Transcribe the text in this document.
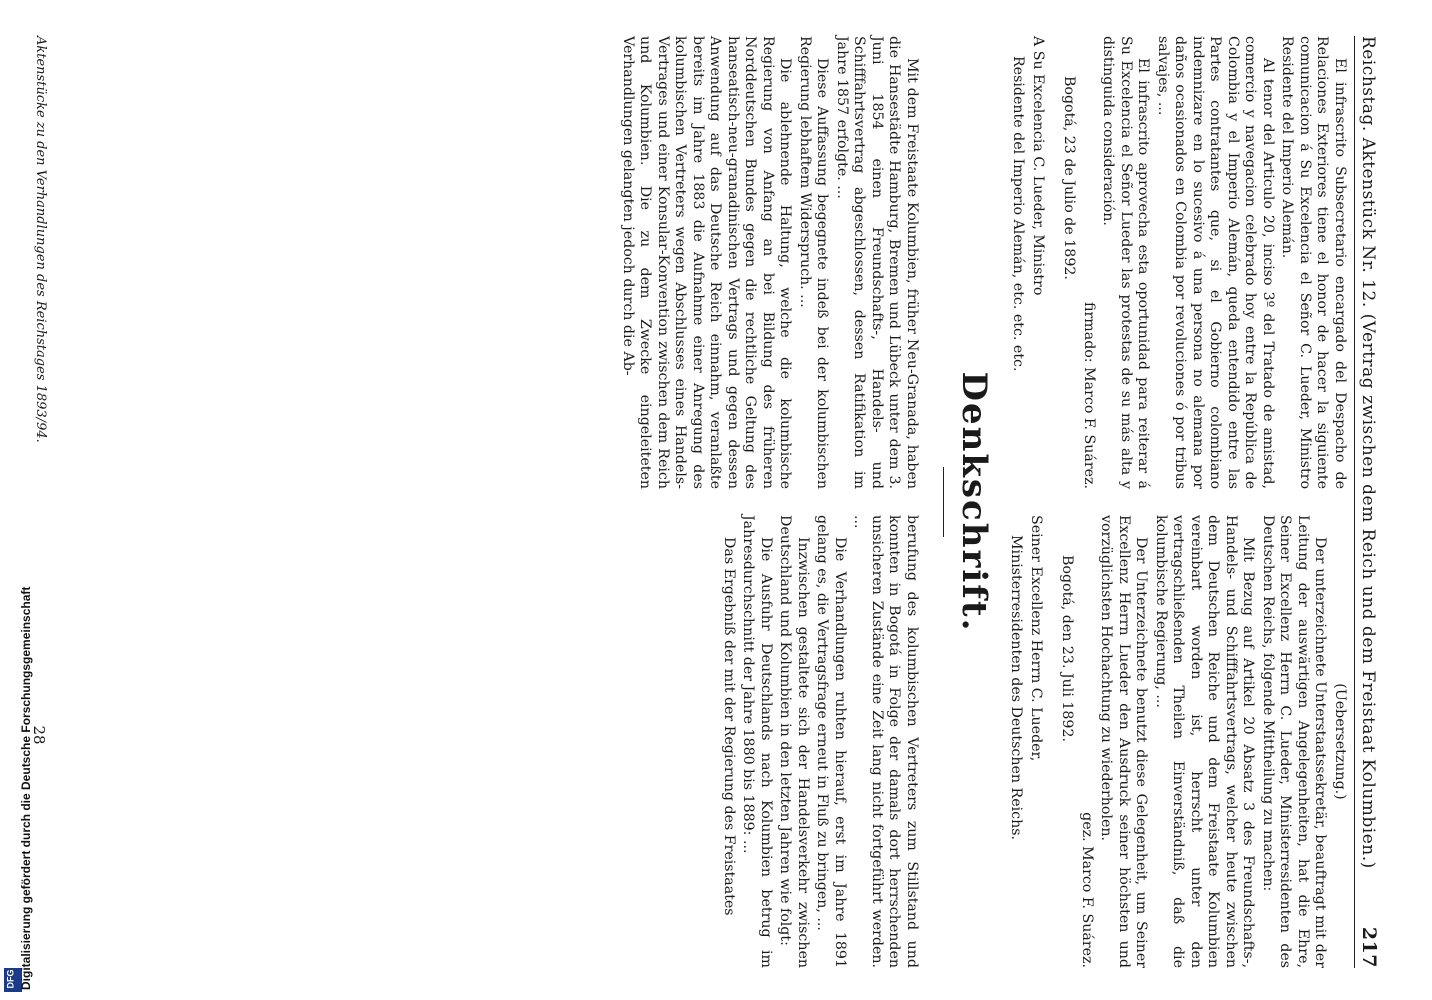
Reichstag. Aktenstück Nr. 12. (Vertrag zwischen dem Reich und dem Freistaat Kolumbien.)
217

El infrascrito Subsecretario encargado del Despacho de Relaciones Exteriores tiene el honor de hacer la siguiente comunicacion á Su Excelencia el Señor C. Lueder, Ministro Residente del Imperio Alemán.

Al tenor del Articulo 20, inciso 3º del Tratado de amistad, comercio y navegacion celebrado hoy entre la República de Colombia y el Imperio Alemán, queda entendido entre las Partes contratantes que, si el Gobierno colombiano indemnizare en lo sucesivo á una persona no alemana por daños ocasionados en Colombia por revoluciones ó por tribus salvajes, ...

El infrascrito aprovecha esta oportunidad para reiterar á Su Excelencia el Señor Lueder las protestas de su más alta y distinguida consideración.

firmado: Marco F. Suárez.

Bogotá, 23 de Julio de 1892.

A Su Excelencia C. Lueder, Ministro

Residente del Imperio Alemán, etc. etc. etc.

(Uebersetzung.)

Der unterzeichnete Unterstaatssekretär, beauftragt mit der Leitung der auswärtigen Angelegenheiten, hat die Ehre, Seiner Excellenz Herrn C. Lueder, Ministerresidenten des Deutschen Reichs, folgende Mittheilung zu machen:

Mit Bezug auf Artikel 20 Absatz 3 des Freundschafts-, Handels- und Schifffahrtsvertrags, welcher heute zwischen dem Deutschen Reiche und dem Freistaate Kolumbien vereinbart worden ist, herrscht unter den vertragschließenden Theilen Einverständniß, daß die kolumbische Regierung, ...

Der Unterzeichnete benutzt diese Gelegenheit, um Seiner Excellenz Herrn Lueder den Ausdruck seiner höchsten und vorzüglichsten Hochachtung zu wiederholen.

gez. Marco F. Suárez.

Bogotá, den 23. Juli 1892.

Seiner Excellenz Herrn C. Lueder,

Ministerresidenten des Deutschen Reichs.

Denkschrift.

Mit dem Freistaate Kolumbien, früher Neu-Granada, haben die Hansestädte Hamburg, Bremen und Lübeck unter dem 3. Juni 1854 einen Freundschafts-, Handels- und Schifffahrtsvertrag abgeschlossen, dessen Ratifikation im Jahre 1857 erfolgte. ...

Diese Auffassung begegnete indeß bei der kolumbischen Regierung lebhaftem Widerspruch. ...

Die ablehnende Haltung, welche die kolumbische Regierung von Anfang an bei Bildung des früheren Norddeutschen Bundes gegen die rechtliche Geltung des hanseatisch-neu-granadinischen Vertrags und gegen dessen Anwendung auf das Deutsche Reich einnahm, veranlaßte bereits im Jahre 1883 die Aufnahme einer Anregung des kolumbischen Vertreters wegen Abschlusses eines Handels-Vertrages und einer Konsular-Konvention zwischen dem Reich und Kolumbien. Die zu dem Zwecke eingeleiteten Verhandlungen gelangten jedoch durch die Ab-

berufung des kolumbischen Vertreters zum Stillstand und konnten in Bogotá in Folge der damals dort herrschenden unsicheren Zustände eine Zeit lang nicht fortgeführt werden. ...

Die Verhandlungen ruhten hierauf, erst im Jahre 1891 gelang es, die Vertragsfrage erneut in Fluß zu bringen, ...

Inzwischen gestaltete sich der Handelsverkehr zwischen Deutschland und Kolumbien in den letzten Jahren wie folgt:

Die Ausfuhr Deutschlands nach Kolumbien betrug im Jahresdurchschnitt der Jahre 1880 bis 1889: ...

Das Ergebniß der mit der Regierung des Freistaates

Aktenstücke zu den Verhandlungen des Reichstages 1893/94.
28
DFG Digitalisierung gefördert durch die Deutsche Forschungsgemeinschaft
